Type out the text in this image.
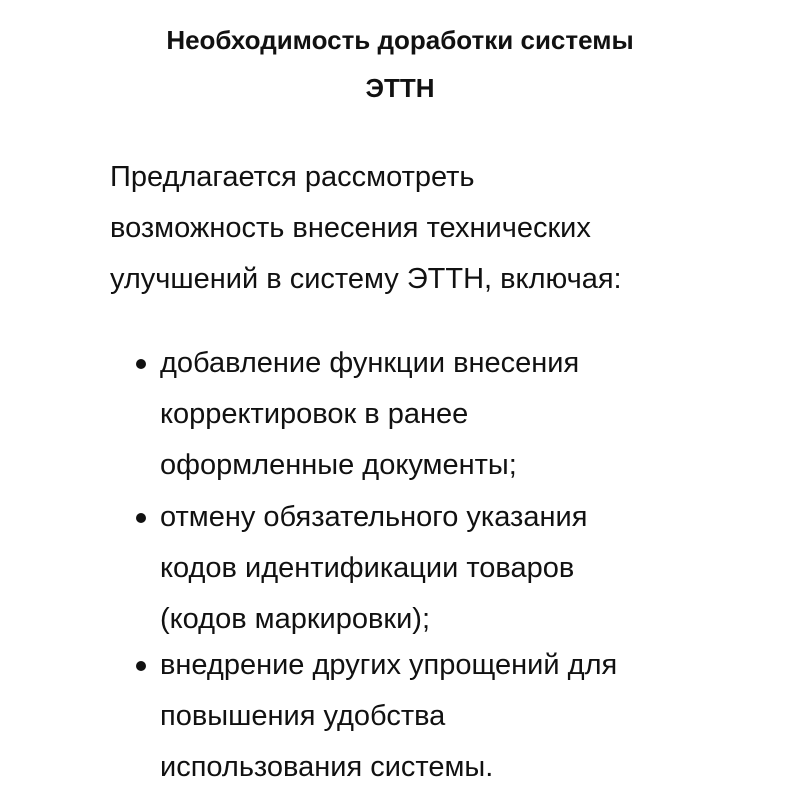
Необходимость доработки системы
ЭТТН

Предлагается рассмотреть
возможность внесения технических
улучшений в систему ЭТТН, включая:

добавление функции внесения
корректировок в ранее
оформленные документы;
отмену обязательного указания
кодов идентификации товаров
(кодов маркировки);
внедрение других упрощений для
повышения удобства
использования системы.
